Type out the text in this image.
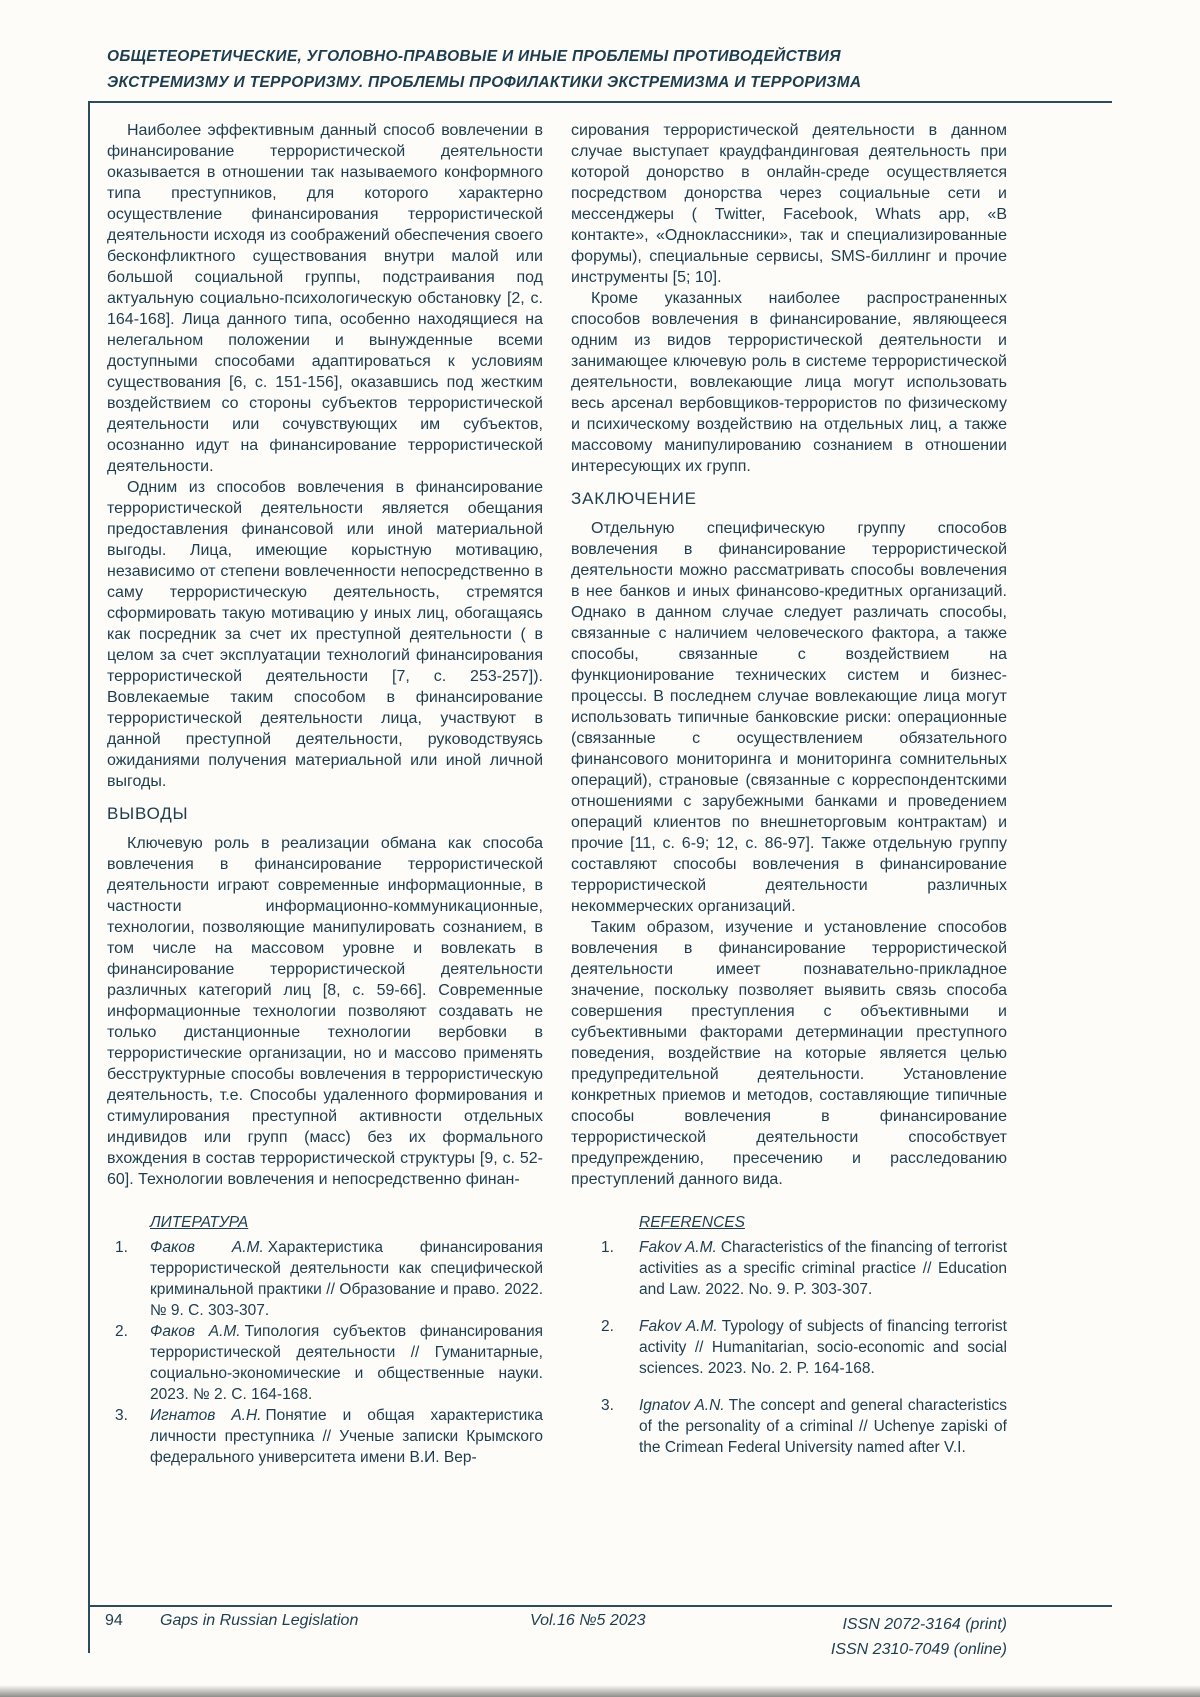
ОБЩЕТЕОРЕТИЧЕСКИЕ, УГОЛОВНО-ПРАВОВЫЕ И ИНЫЕ ПРОБЛЕМЫ ПРОТИВОДЕЙСТВИЯ
ЭКСТРЕМИЗМУ И ТЕРРОРИЗМУ. ПРОБЛЕМЫ ПРОФИЛАКТИКИ ЭКСТРЕМИЗМА И ТЕРРОРИЗМА

Наиболее эффективным данный способ вовлечении в финансирование террористической деятельности оказывается в отношении так называемого конформного типа преступников, для которого характерно осуществление финансирования террористической деятельности исходя из соображений обеспечения своего бесконфликтного существования внутри малой или большой социальной группы, подстраивания под актуальную социально-психологическую обстановку [2, с. 164-168]. Лица данного типа, особенно находящиеся на нелегальном положении и вынужденные всеми доступными способами адаптироваться к условиям существования [6, с. 151-156], оказавшись под жестким воздействием со стороны субъектов террористической деятельности или сочувствующих им субъектов, осознанно идут на финансирование террористической деятельности.

Одним из способов вовлечения в финансирование террористической деятельности является обещания предоставления финансовой или иной материальной выгоды. Лица, имеющие корыстную мотивацию, независимо от степени вовлеченности непосредственно в саму террористическую деятельность, стремятся сформировать такую мотивацию у иных лиц, обогащаясь как посредник за счет их преступной деятельности ( в целом за счет эксплуатации технологий финансирования террористической деятельности [7, с. 253-257]). Вовлекаемые таким способом в финансирование террористической деятельности лица, участвуют в данной преступной деятельности, руководствуясь ожиданиями получения материальной или иной личной выгоды.

ВЫВОДЫ

Ключевую роль в реализации обмана как способа вовлечения в финансирование террористической деятельности играют современные информационные, в частности информационно-коммуникационные, технологии, позволяющие манипулировать сознанием, в том числе на массовом уровне и вовлекать в финансирование террористической деятельности различных категорий лиц [8, с. 59-66]. Современные информационные технологии позволяют создавать не только дистанционные технологии вербовки в террористические организации, но и массово применять бесструктурные способы вовлечения в террористическую деятельность, т.е. Способы удаленного формирования и стимулирования преступной активности отдельных индивидов или групп (масс) без их формального вхождения в состав террористической структуры [9, с. 52-60]. Технологии вовлечения и непосредственно финан-

ЛИТЕРАТУРА
1.	Факов А.М. Характеристика финансирования террористической деятельности как специфической криминальной практики // Образование и право. 2022. № 9. С. 303-307.
2.	Факов А.М. Типология субъектов финансирования террористической деятельности // Гуманитарные, социально-экономические и общественные науки. 2023. № 2. С. 164-168.
3.	Игнатов А.Н. Понятие и общая характеристика личности преступника // Ученые записки Крымского федерального университета имени В.И. Вер-

сирования террористической деятельности в данном случае выступает краудфандинговая деятельность при которой донорство в онлайн-среде осуществляется посредством донорства через социальные сети и мессенджеры ( Twitter, Facebook, Whats app, «В контакте», «Одноклассники», так и специализированные форумы), специальные сервисы, SMS-биллинг и прочие инструменты [5; 10].

Кроме указанных наиболее распространенных способов вовлечения в финансирование, являющееся одним из видов террористической деятельности и занимающее ключевую роль в системе террористической деятельности, вовлекающие лица могут использовать весь арсенал вербовщиков-террористов по физическому и психическому воздействию на отдельных лиц, а также массовому манипулированию сознанием в отношении интересующих их групп.

ЗАКЛЮЧЕНИЕ

Отдельную специфическую группу способов вовлечения в финансирование террористической деятельности можно рассматривать способы вовлечения в нее банков и иных финансово-кредитных организаций. Однако в данном случае следует различать способы, связанные с наличием человеческого фактора, а также способы, связанные с воздействием на функционирование технических систем и бизнес-процессы. В последнем случае вовлекающие лица могут использовать типичные банковские риски: операционные (связанные с осуществлением обязательного финансового мониторинга и мониторинга сомнительных операций), страновые (связанные с корреспондентскими отношениями с зарубежными банками и проведением операций клиентов по внешнеторговым контрактам) и прочие [11, с. 6-9; 12, с. 86-97]. Также отдельную группу составляют способы вовлечения в финансирование террористической деятельности различных некоммерческих организаций.

Таким образом, изучение и установление способов вовлечения в финансирование террористической деятельности имеет познавательно-прикладное значение, поскольку позволяет выявить связь способа совершения преступления с объективными и субъективными факторами детерминации преступного поведения, воздействие на которые является целью предупредительной деятельности. Установление конкретных приемов и методов, составляющие типичные способы вовлечения в финансирование террористической деятельности способствует предупреждению, пресечению и расследованию преступлений данного вида.

REFERENCES
1.	Fakov A.M. Characteristics of the financing of terrorist activities as a specific criminal practice // Education and Law. 2022. No. 9. P. 303-307.
2.	Fakov A.M. Typology of subjects of financing terrorist activity // Humanitarian, socio-economic and social sciences. 2023. No. 2. P. 164-168.
3.	Ignatov A.N. The concept and general characteristics of the personality of a criminal // Uchenye zapiski of the Crimean Federal University named after V.I.
94 Gaps in Russian Legislation	Vol.16 №5 2023	ISSN 2072-3164 (print)
ISSN 2310-7049 (online)
